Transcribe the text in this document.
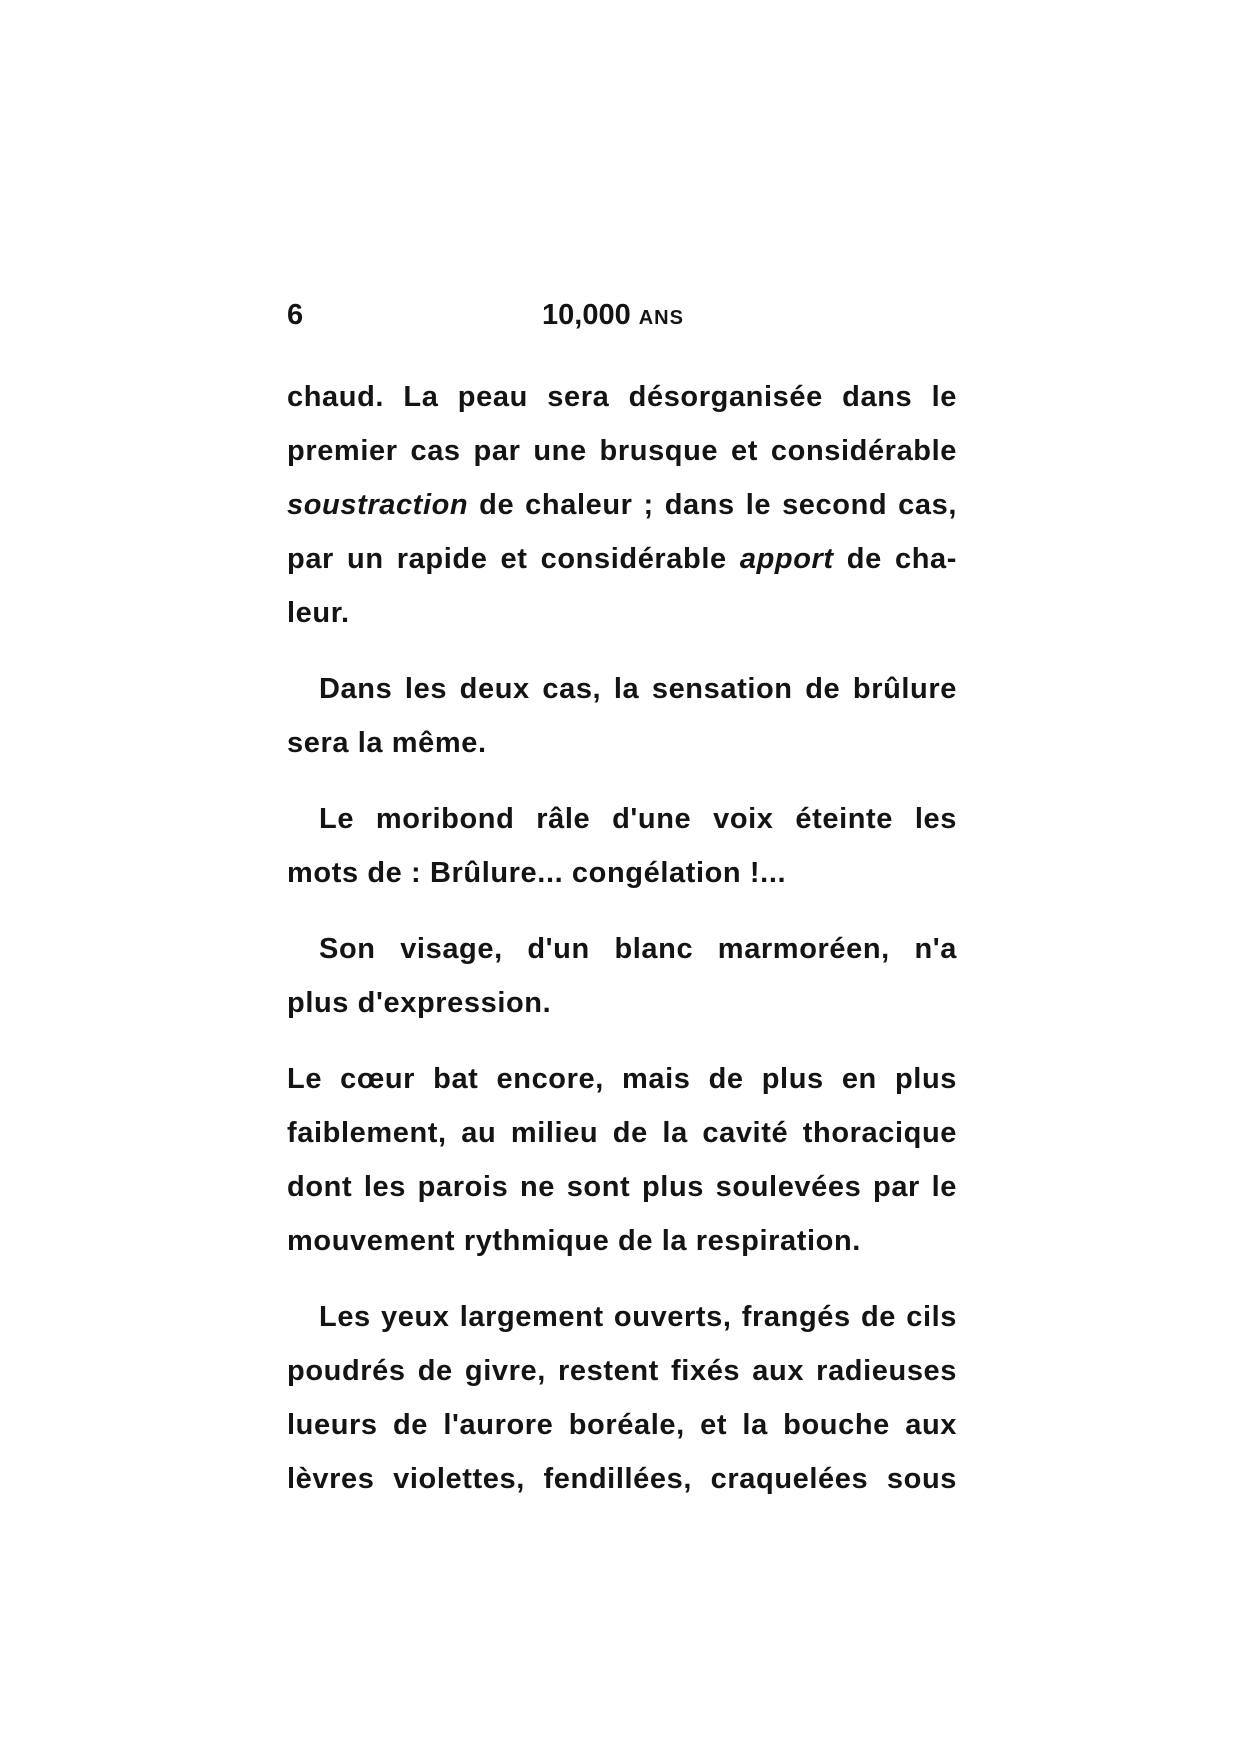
6	10,000 ANS
chaud. La peau sera désorganisée dans le
premier cas par une brusque et considérable
soustraction de chaleur ; dans le second cas,
par un rapide et considérable apport de cha-
leur.
Dans les deux cas, la sensation de brûlure
sera la même.
Le moribond râle d'une voix éteinte les
mots de : Brûlure... congélation !...
Son visage, d'un blanc marmoréen, n'a
plus d'expression.
Le cœur bat encore, mais de plus en plus
faiblement, au milieu de la cavité thoracique
dont les parois ne sont plus soulevées par le
mouvement rythmique de la respiration.
Les yeux largement ouverts, frangés de cils
poudrés de givre, restent fixés aux radieuses
lueurs de l'aurore boréale, et la bouche aux
lèvres violettes, fendillées, craquelées sous
